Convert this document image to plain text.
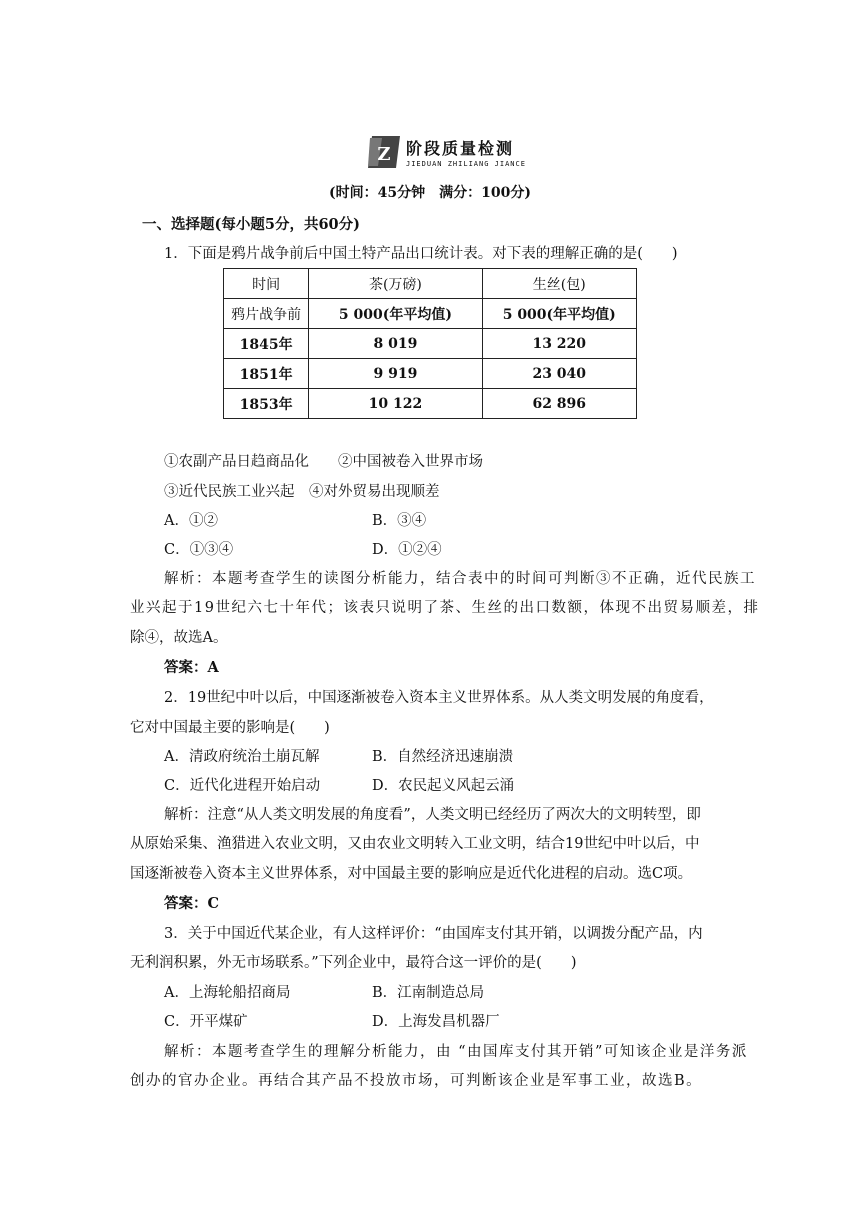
Z 阶段质量检测
JIEDUAN ZHILIANG JIANCE
(时间：45分钟　满分：100分)
一、选择题(每小题5分，共60分)
1．下面是鸦片战争前后中国土特产品出口统计表。对下表的理解正确的是(　　)
时间	茶(万磅)	生丝(包)
鸦片战争前	5 000(年平均值)	5 000(年平均值)
1845年	8 019	13 220
1851年	9 919	23 040
1853年	10 122	62 896
①农副产品日趋商品化　　②中国被卷入世界市场
③近代民族工业兴起　④对外贸易出现顺差
A．①②	B．③④
C．①③④	D．①②④
解析：本题考查学生的读图分析能力，结合表中的时间可判断③不正确，近代民族工
业兴起于19世纪六七十年代；该表只说明了茶、生丝的出口数额，体现不出贸易顺差，排
除④，故选A。
答案：A
2．19世纪中叶以后，中国逐渐被卷入资本主义世界体系。从人类文明发展的角度看，
它对中国最主要的影响是(　　)
A．清政府统治土崩瓦解	B．自然经济迅速崩溃
C．近代化进程开始启动	D．农民起义风起云涌
解析：注意“从人类文明发展的角度看”，人类文明已经经历了两次大的文明转型，即
从原始采集、渔猎进入农业文明，又由农业文明转入工业文明，结合19世纪中叶以后，中
国逐渐被卷入资本主义世界体系，对中国最主要的影响应是近代化进程的启动。选C项。
答案：C
3．关于中国近代某企业，有人这样评价：“由国库支付其开销，以调拨分配产品，内
无利润积累，外无市场联系。”下列企业中，最符合这一评价的是(　　)
A．上海轮船招商局	B．江南制造总局
C．开平煤矿	D．上海发昌机器厂
解析：本题考查学生的理解分析能力，由 “由国库支付其开销”可知该企业是洋务派
创办的官办企业。再结合其产品不投放市场，可判断该企业是军事工业，故选B。
